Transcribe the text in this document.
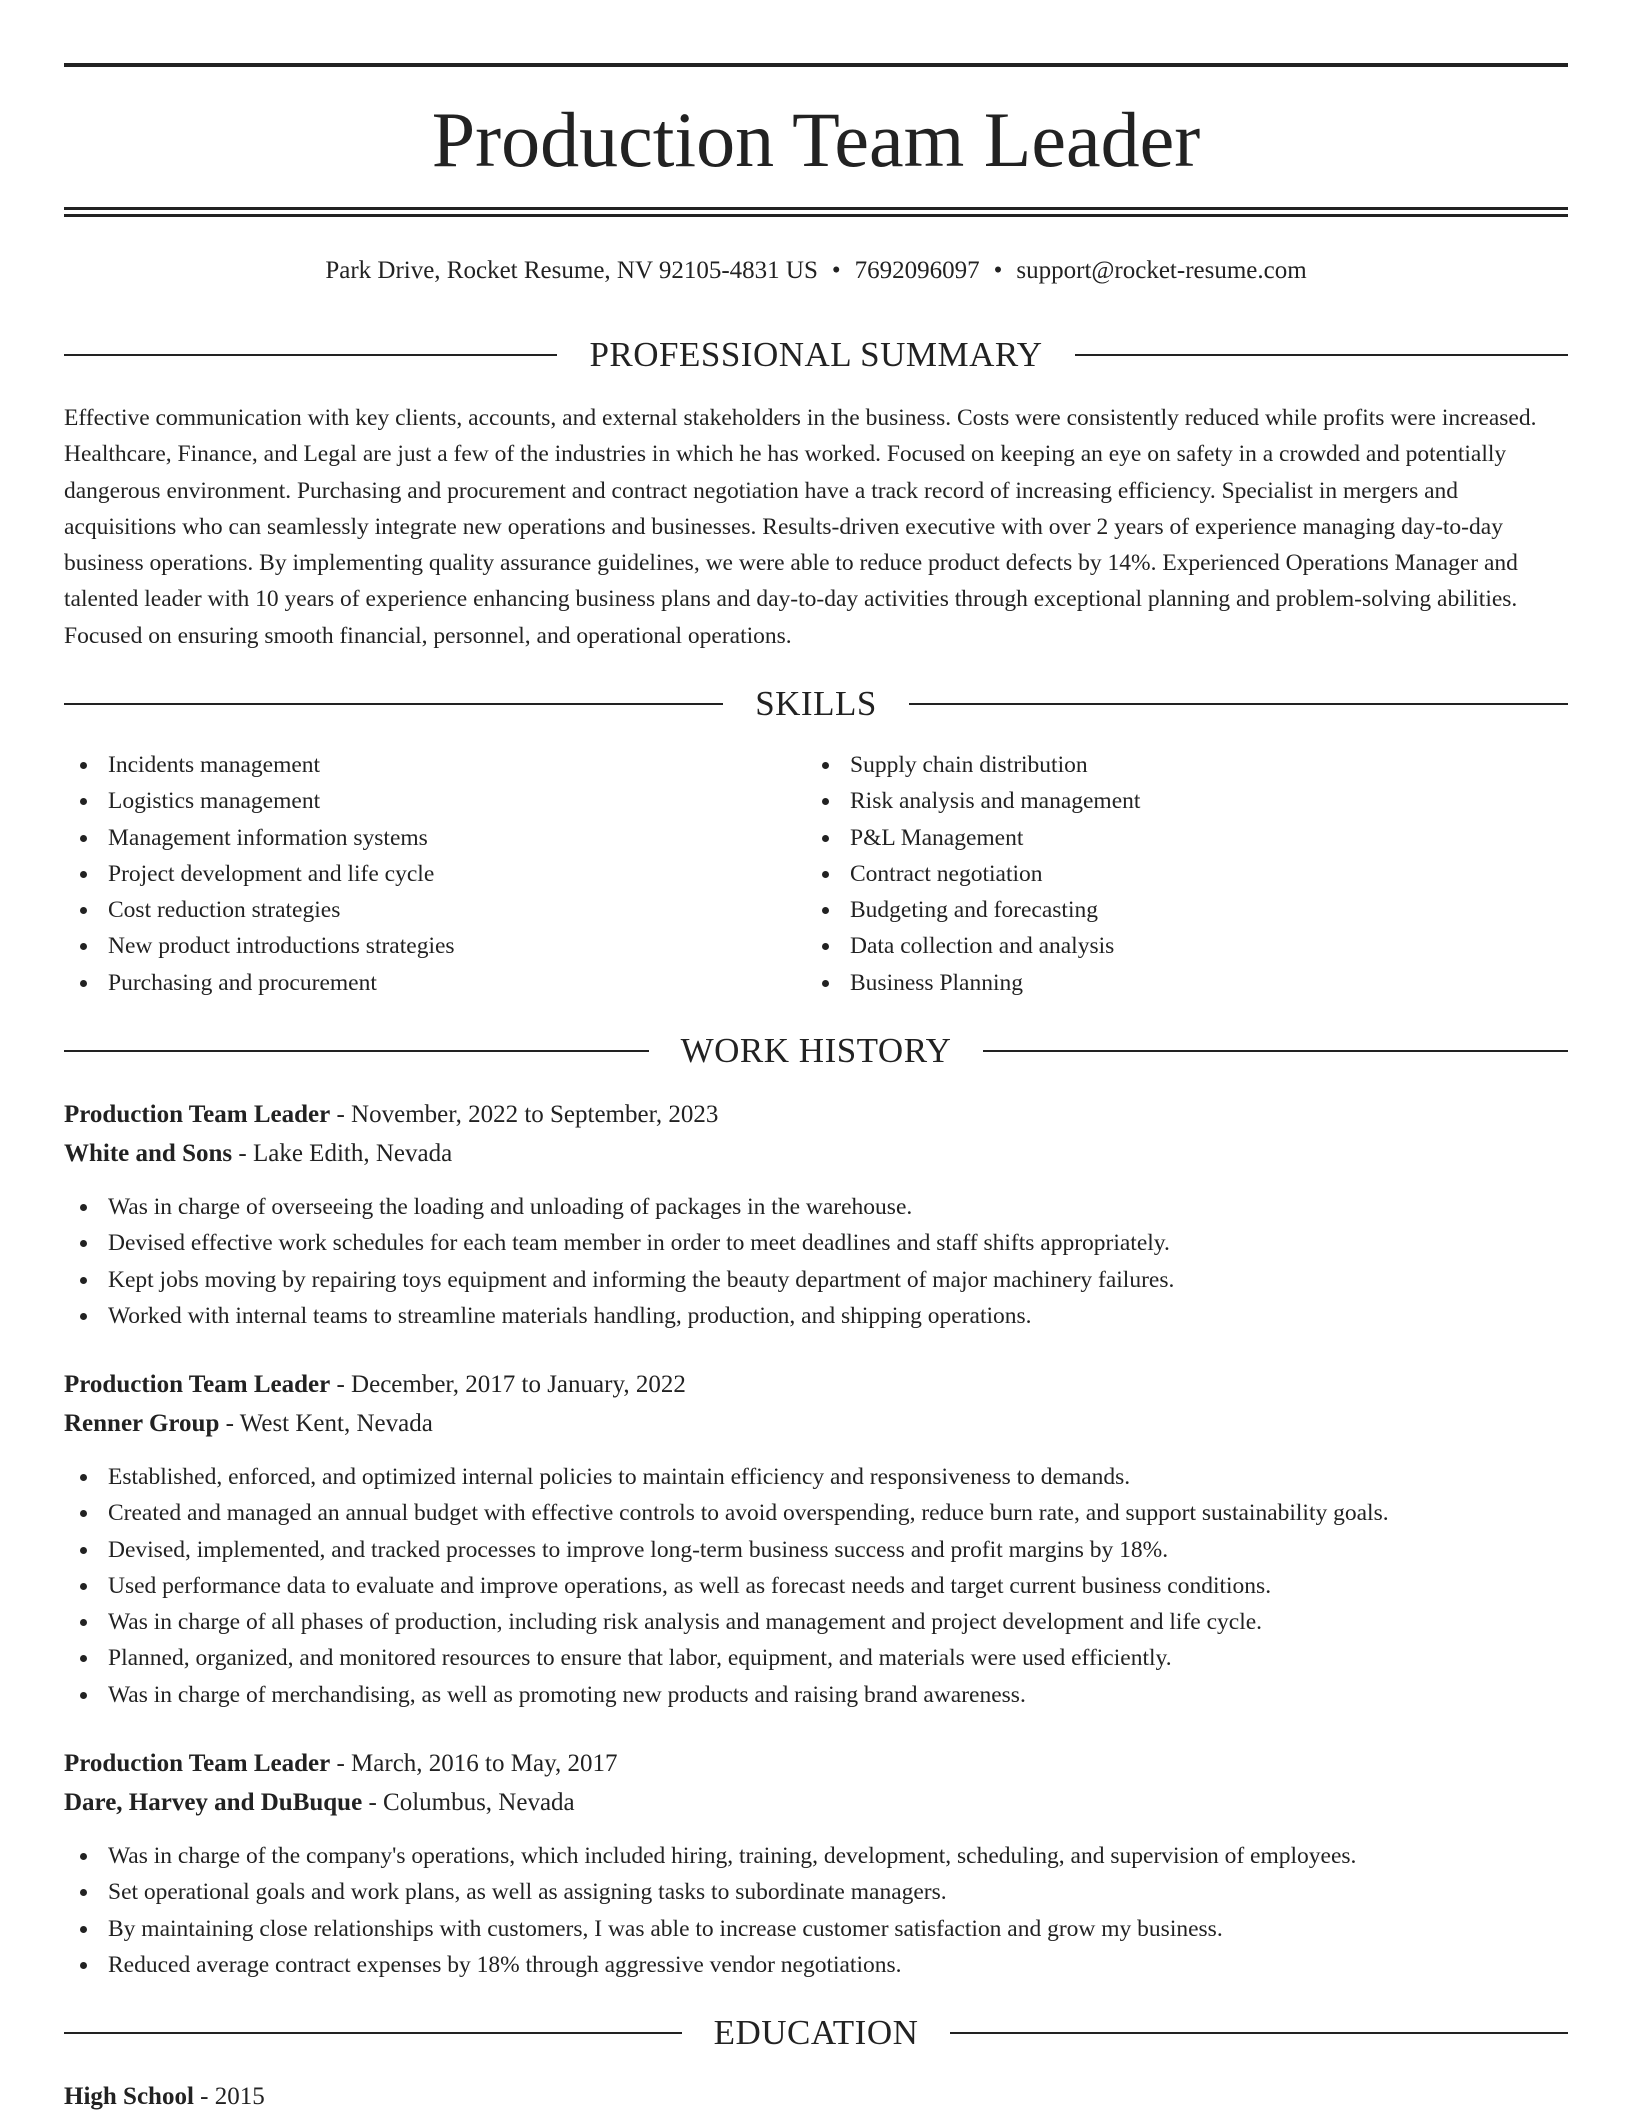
Production Team Leader
Park Drive, Rocket Resume, NV 92105-4831 US • 7692096097 • support@rocket-resume.com
PROFESSIONAL SUMMARY

Effective communication with key clients, accounts, and external stakeholders in the business. Costs were consistently reduced while profits were increased. Healthcare, Finance, and Legal are just a few of the industries in which he has worked. Focused on keeping an eye on safety in a crowded and potentially dangerous environment. Purchasing and procurement and contract negotiation have a track record of increasing efficiency. Specialist in mergers and acquisitions who can seamlessly integrate new operations and businesses. Results-driven executive with over 2 years of experience managing day-to-day business operations. By implementing quality assurance guidelines, we were able to reduce product defects by 14%. Experienced Operations Manager and talented leader with 10 years of experience enhancing business plans and day-to-day activities through exceptional planning and problem-solving abilities. Focused on ensuring smooth financial, personnel, and operational operations.

SKILLS
Incidents management
Logistics management
Management information systems
Project development and life cycle
Cost reduction strategies
New product introductions strategies
Purchasing and procurement
Supply chain distribution
Risk analysis and management
P&L Management
Contract negotiation
Budgeting and forecasting
Data collection and analysis
Business Planning
WORK HISTORY
Production Team Leader - November, 2022 to September, 2023
White and Sons - Lake Edith, Nevada
Was in charge of overseeing the loading and unloading of packages in the warehouse.
Devised effective work schedules for each team member in order to meet deadlines and staff shifts appropriately.
Kept jobs moving by repairing toys equipment and informing the beauty department of major machinery failures.
Worked with internal teams to streamline materials handling, production, and shipping operations.
Production Team Leader - December, 2017 to January, 2022
Renner Group - West Kent, Nevada
Established, enforced, and optimized internal policies to maintain efficiency and responsiveness to demands.
Created and managed an annual budget with effective controls to avoid overspending, reduce burn rate, and support sustainability goals.
Devised, implemented, and tracked processes to improve long-term business success and profit margins by 18%.
Used performance data to evaluate and improve operations, as well as forecast needs and target current business conditions.
Was in charge of all phases of production, including risk analysis and management and project development and life cycle.
Planned, organized, and monitored resources to ensure that labor, equipment, and materials were used efficiently.
Was in charge of merchandising, as well as promoting new products and raising brand awareness.
Production Team Leader - March, 2016 to May, 2017
Dare, Harvey and DuBuque - Columbus, Nevada
Was in charge of the company's operations, which included hiring, training, development, scheduling, and supervision of employees.
Set operational goals and work plans, as well as assigning tasks to subordinate managers.
By maintaining close relationships with customers, I was able to increase customer satisfaction and grow my business.
Reduced average contract expenses by 18% through aggressive vendor negotiations.
EDUCATION
High School - 2015
